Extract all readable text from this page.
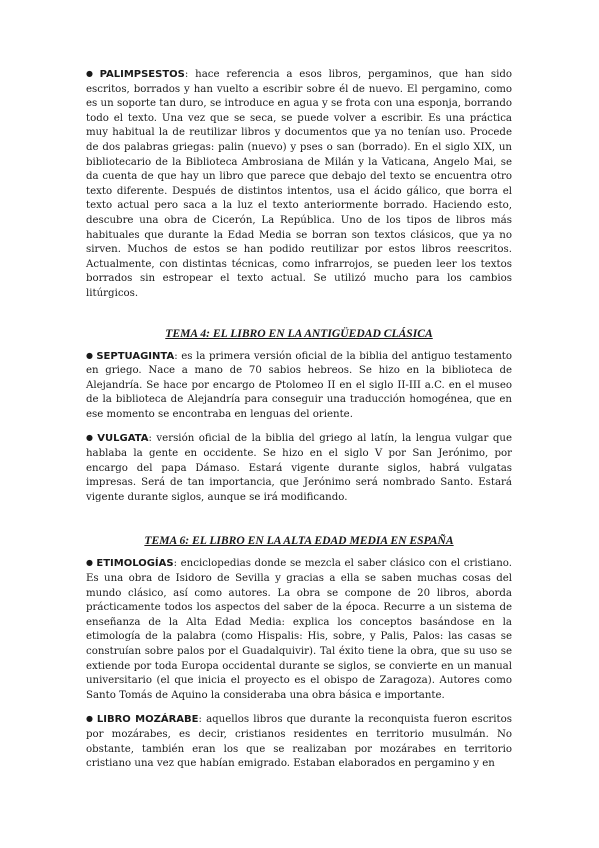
● PALIMPSESTOS: hace referencia a esos libros, pergaminos, que han sido escritos, borrados y han vuelto a escribir sobre él de nuevo. El pergamino, como es un soporte tan duro, se introduce en agua y se frota con una esponja, borrando todo el texto. Una vez que se seca, se puede volver a escribir. Es una práctica muy habitual la de reutilizar libros y documentos que ya no tenían uso. Procede de dos palabras griegas: palin (nuevo) y pses o san (borrado). En el siglo XIX, un bibliotecario de la Biblioteca Ambrosiana de Milán y la Vaticana, Angelo Mai, se da cuenta de que hay un libro que parece que debajo del texto se encuentra otro texto diferente. Después de distintos intentos, usa el ácido gálico, que borra el texto actual pero saca a la luz el texto anteriormente borrado. Haciendo esto, descubre una obra de Cicerón, La República. Uno de los tipos de libros más habituales que durante la Edad Media se borran son textos clásicos, que ya no sirven. Muchos de estos se han podido reutilizar por estos libros reescritos. Actualmente, con distintas técnicas, como infrarrojos, se pueden leer los textos borrados sin estropear el texto actual. Se utilizó mucho para los cambios litúrgicos.

TEMA 4: EL LIBRO EN LA ANTIGÜEDAD CLÁSICA

● SEPTUAGINTA: es la primera versión oficial de la biblia del antiguo testamento en griego. Nace a mano de 70 sabios hebreos. Se hizo en la biblioteca de Alejandría. Se hace por encargo de Ptolomeo II en el siglo II-III a.C. en el museo de la biblioteca de Alejandría para conseguir una traducción homogénea, que en ese momento se encontraba en lenguas del oriente.

● VULGATA: versión oficial de la biblia del griego al latín, la lengua vulgar que hablaba la gente en occidente. Se hizo en el siglo V por San Jerónimo, por encargo del papa Dámaso. Estará vigente durante siglos, habrá vulgatas impresas. Será de tan importancia, que Jerónimo será nombrado Santo. Estará vigente durante siglos, aunque se irá modificando.

TEMA 6: EL LIBRO EN LA ALTA EDAD MEDIA EN ESPAÑA

● ETIMOLOGÍAS: enciclopedias donde se mezcla el saber clásico con el cristiano. Es una obra de Isidoro de Sevilla y gracias a ella se saben muchas cosas del mundo clásico, así como autores. La obra se compone de 20 libros, aborda prácticamente todos los aspectos del saber de la época. Recurre a un sistema de enseñanza de la Alta Edad Media: explica los conceptos basándose en la etimología de la palabra (como Hispalis: His, sobre, y Palis, Palos: las casas se construían sobre palos por el Guadalquivir). Tal éxito tiene la obra, que su uso se extiende por toda Europa occidental durante se siglos, se convierte en un manual universitario (el que inicia el proyecto es el obispo de Zaragoza). Autores como Santo Tomás de Aquino la consideraba una obra básica e importante.

● LIBRO MOZÁRABE: aquellos libros que durante la reconquista fueron escritos por mozárabes, es decir, cristianos residentes en territorio musulmán. No obstante, también eran los que se realizaban por mozárabes en territorio cristiano una vez que habían emigrado. Estaban elaborados en pergamino y en
